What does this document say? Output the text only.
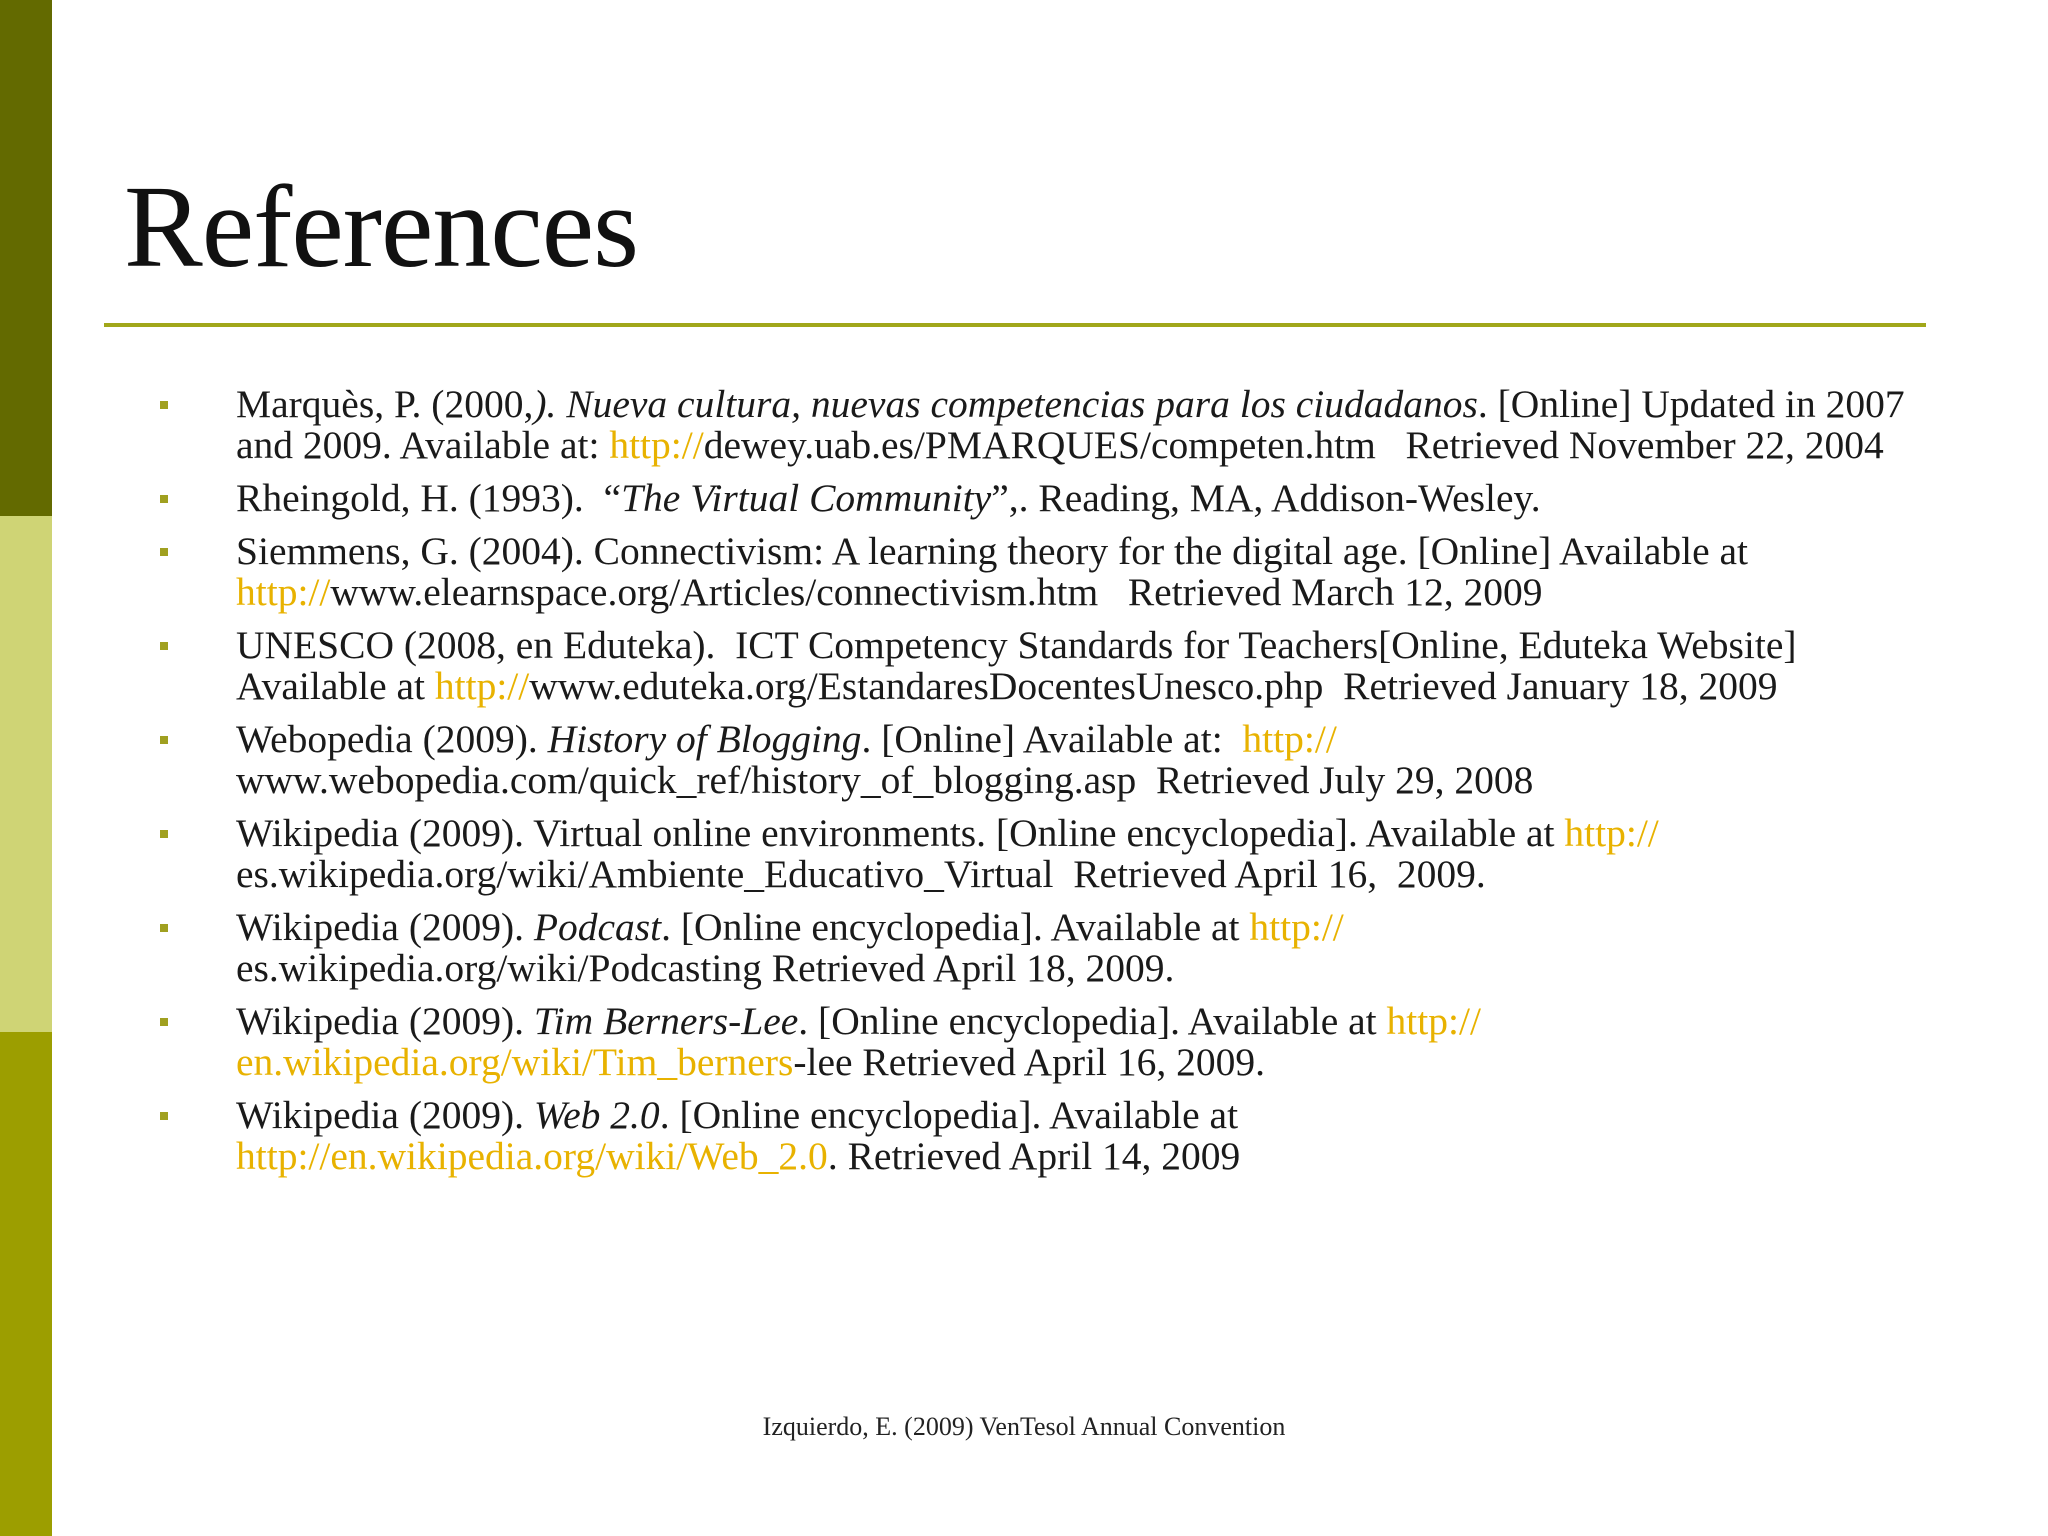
References
Marquès, P. (2000,). Nueva cultura, nuevas competencias para los ciudadanos. [Online] Updated in 2007 and 2009. Available at: http://dewey.uab.es/PMARQUES/competen.htm   Retrieved November 22, 2004
Rheingold, H. (1993).  “The Virtual Community”,. Reading, MA, Addison-Wesley.
Siemmens, G. (2004). Connectivism: A learning theory for the digital age. [Online] Available at http://www.elearnspace.org/Articles/connectivism.htm   Retrieved March 12, 2009
UNESCO (2008, en Eduteka).  ICT Competency Standards for Teachers[Online, Eduteka Website] Available at http://www.eduteka.org/EstandaresDocentesUnesco.php  Retrieved January 18, 2009
Webopedia (2009). History of Blogging. [Online] Available at:  http://
www.webopedia.com/quick_ref/history_of_blogging.asp  Retrieved July 29, 2008
Wikipedia (2009). Virtual online environments. [Online encyclopedia]. Available at http://
es.wikipedia.org/wiki/Ambiente_Educativo_Virtual  Retrieved April 16,  2009.
Wikipedia (2009). Podcast. [Online encyclopedia]. Available at http://
es.wikipedia.org/wiki/Podcasting Retrieved April 18, 2009.
Wikipedia (2009). Tim Berners-Lee. [Online encyclopedia]. Available at http://
en.wikipedia.org/wiki/Tim_berners-lee Retrieved April 16, 2009.
Wikipedia (2009). Web 2.0. [Online encyclopedia]. Available at
http://en.wikipedia.org/wiki/Web_2.0. Retrieved April 14, 2009
Izquierdo, E. (2009) VenTesol Annual Convention
